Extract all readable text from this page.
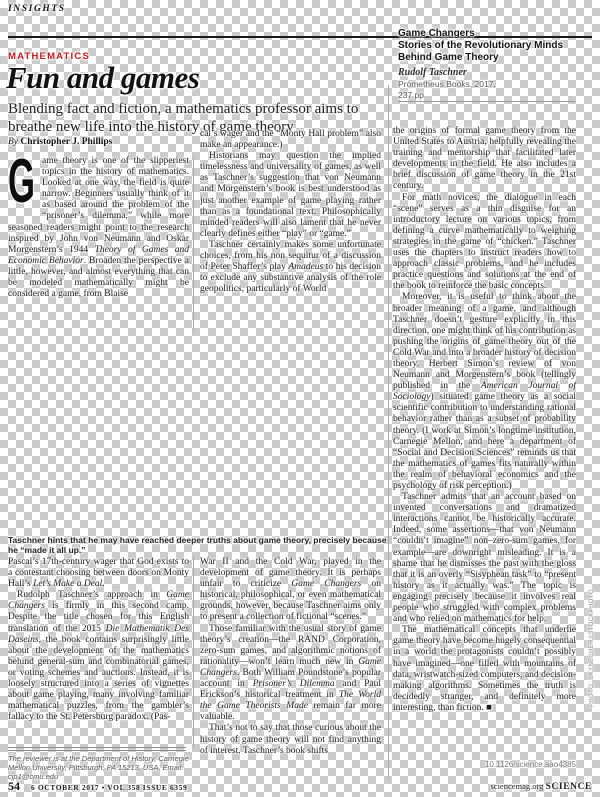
INSIGHTS
MATHEMATICS
Fun and games
Blending fact and fiction, a mathematics professor aims to breathe new life into the history of game theory

Game Changers

Stories of the Revolutionary Minds Behind Game Theory

Rudolf Taschner

Prometheus Books, 2017.

237 pp.

By Christopher J. Phillips

G ame theory is one of the slipperiest topics in the history of mathematics. Looked at one way, the field is quite narrow. Beginners usually think of it as based around the problem of the “prisoner’s dilemma,” while more seasoned readers might point to the research inspired by John von Neumann and Oskar Morgenstern’s 1944 Theory of Games and Economic Behavior. Broaden the perspective a little, however, and almost everything that can be modeled mathematically might be considered a game, from Blaise

cal’s wager and the “Monty Hall problem” also make an appearance.)

Historians may question the implied timelessness and universality of games, as well as Taschner’s suggestion that von Neumann and Morgenstern’s book is best understood as just another example of game playing rather than as a foundational text. Philosophically minded readers will also lament that he never clearly defines either “play” or “game.”

Taschner certainly makes some unfortunate choices, from his non sequitur of a discussion of Peter Shaffer’s play Amadeus to his decision to exclude any substantive analysis of the role geopolitics, particularly of World

the origins of formal game theory from the United States to Austria, helpfully revealing the training and mentorship that facilitated later developments in the field. He also includes a brief discussion of game theory in the 21st century.

For math novices, the dialogue in each “scene” serves as a thin disguise for an introductory lecture on various topics, from defining a curve mathematically to weighing strategies in the game of “chicken.” Taschner uses the chapters to instruct readers how to approach classic problems, and he includes practice questions and solutions at the end of the book to reinforce the basic concepts.

Moreover, it is useful to think about the broader meaning of a game, and although Taschner doesn’t gesture explicitly in this direction, one might think of his contribution as pushing the origins of game theory out of the Cold War and into a broader history of decision theory. Herbert Simon’s review of von Neumann and Morgenstern’s book (tellingly published in the American Journal of Sociology) situated game theory as a social scientific contribution to understanding rational behavior rather than as a subset of probability theory. (I work at Simon’s longtime institution, Carnegie Mellon, and here a department of “Social and Decision Sciences” reminds us that the mathematics of games fits naturally within the realm of behavioral economics and the psychology of risk perception.)

Taschner admits that an account based on invented conversations and dramatized interactions cannot be historically accurate. Indeed, some assertions—that von Neumann “couldn’t imagine” non–zero-sum games, for example—are downright misleading. It is a shame that he dismisses the past with the gloss that it is an overly “Sisyphean task” to “present history as it actually was.” The topic is engaging precisely because it involves real people who struggled with complex problems and who relied on mathematics for help.

The mathematical concepts that underlie game theory have become hugely consequential in a world the protagonists couldn’t possibly have imagined—one filled with mountains of data, wristwatch-sized computers, and decision-making algorithms. Sometimes the truth is decidedly stranger, and definitely more interesting, than fiction. ■

Taschner hints that he may have reached deeper truths about game theory, precisely because he “made it all up.”

Pascal’s 17th-century wager that God exists to a contestant choosing between doors on Monty Hall’s Let’s Make a Deal.

Rudolph Taschner’s approach in Game Changers is firmly in this second camp. Despite the title chosen for this English translation of the 2015 Die Mathematik Des Daseins, the book contains surprisingly little about the development of the mathematics behind general-sum and combinatorial games, or voting schemes and auctions. Instead, it is loosely structured into a series of vignettes about game playing, many involving familiar mathematical puzzles, from the gambler’s fallacy to the St. Petersburg paradox. (Pas-

War II and the Cold War, played in the development of game theory. It is perhaps unfair to criticize Game Changers on historical, philosophical, or even mathematical grounds, however, because Taschner aims only to present a collection of fictional “scenes.”

Those familiar with the usual story of game theory’s creation—the RAND Corporation, zero-sum games, and algorithmic notions of rationality—won’t learn much new in Game Changers. Both William Poundstone’s popular account in Prisoner’s Dilemma and Paul Erickson’s historical treatment in The World the Game Theorists Made remain far more valuable.

That’s not to say that those curious about the history of game theory will not find anything of interest. Taschner’s book shifts

The reviewer is at the Department of History, Carnegie Mellon University, Pittsburgh, PA 15213, USA. Email: cjp1@cmu.edu
10.1126/science.aao4385
54 6 OCTOBER 2017 • VOL 358 ISSUE 6359	sciencemag.org SCIENCE
PHOTO: SKYNESHER/ISTOCKPHOTO
